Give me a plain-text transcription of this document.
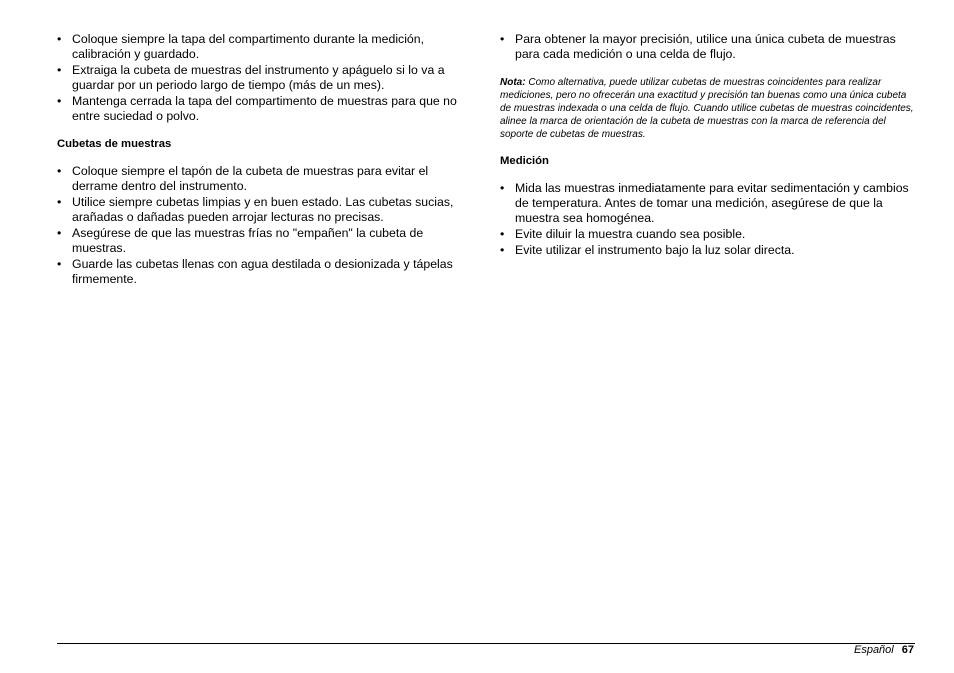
• Coloque siempre la tapa del compartimento durante la medición, calibración y guardado.
• Extraiga la cubeta de muestras del instrumento y apáguelo si lo va a guardar por un periodo largo de tiempo (más de un mes).
• Mantenga cerrada la tapa del compartimento de muestras para que no entre suciedad o polvo.
Cubetas de muestras
• Coloque siempre el tapón de la cubeta de muestras para evitar el derrame dentro del instrumento.
• Utilice siempre cubetas limpias y en buen estado. Las cubetas sucias, arañadas o dañadas pueden arrojar lecturas no precisas.
• Asegúrese de que las muestras frías no "empañen" la cubeta de muestras.
• Guarde las cubetas llenas con agua destilada o desionizada y tápelas firmemente.
• Para obtener la mayor precisión, utilice una única cubeta de muestras para cada medición o una celda de flujo.
Nota: Como alternativa, puede utilizar cubetas de muestras coincidentes para realizar mediciones, pero no ofrecerán una exactitud y precisión tan buenas como una única cubeta de muestras indexada o una celda de flujo. Cuando utilice cubetas de muestras coincidentes, alinee la marca de orientación de la cubeta de muestras con la marca de referencia del soporte de cubetas de muestras.
Medición
• Mida las muestras inmediatamente para evitar sedimentación y cambios de temperatura. Antes de tomar una medición, asegúrese de que la muestra sea homogénea.
• Evite diluir la muestra cuando sea posible.
• Evite utilizar el instrumento bajo la luz solar directa.
Español 67
